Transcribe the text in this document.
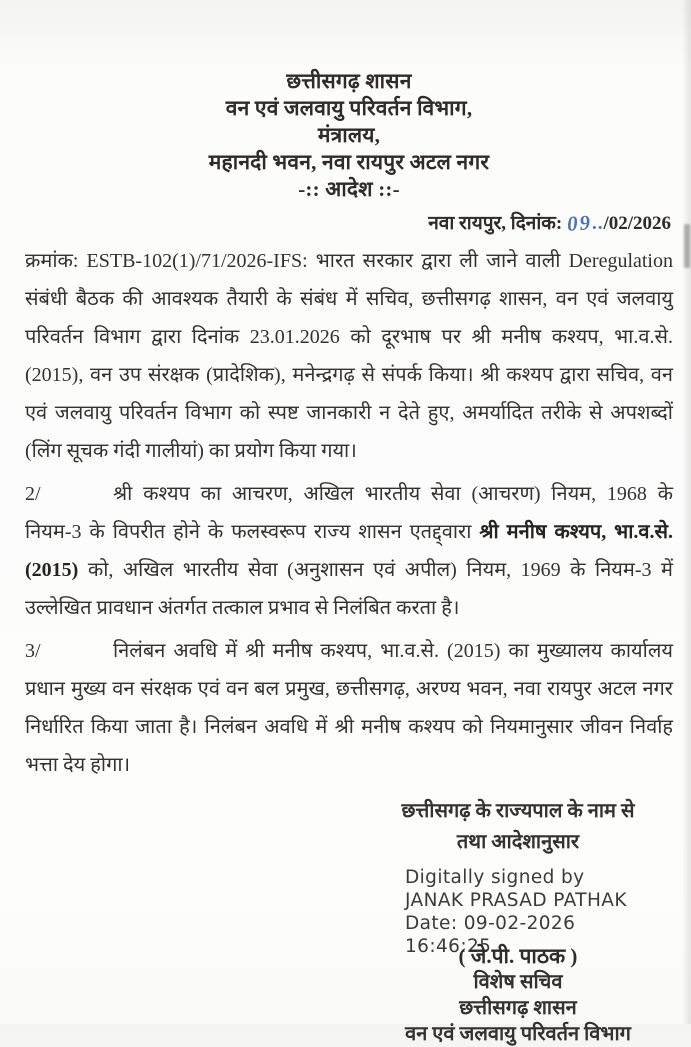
छत्तीसगढ़ शासन
वन एवं जलवायु परिवर्तन विभाग,
मंत्रालय,
महानदी भवन, नवा रायपुर अटल नगर
-:: आदेश ::-
नवा रायपुर, दिनांक: 09../02/2026

क्रमांक: ESTB-102(1)/71/2026-IFS: भारत सरकार द्वारा ली जाने वाली Deregulation संबंधी बैठक की आवश्यक तैयारी के संबंध में सचिव, छत्तीसगढ़ शासन, वन एवं जलवायु परिवर्तन विभाग द्वारा दिनांक 23.01.2026 को दूरभाष पर श्री मनीष कश्यप, भा.व.से. (2015), वन उप संरक्षक (प्रादेशिक), मनेन्द्रगढ़ से संपर्क किया। श्री कश्यप द्वारा सचिव, वन एवं जलवायु परिवर्तन विभाग को स्पष्ट जानकारी न देते हुए, अमर्यादित तरीके से अपशब्दों (लिंग सूचक गंदी गालीयां) का प्रयोग किया गया।

2/	श्री कश्यप का आचरण, अखिल भारतीय सेवा (आचरण) नियम, 1968 के नियम-3 के विपरीत होने के फलस्वरूप राज्य शासन एतद्द्वारा श्री मनीष कश्यप, भा.व.से. (2015) को, अखिल भारतीय सेवा (अनुशासन एवं अपील) नियम, 1969 के नियम-3 में उल्लेखित प्रावधान अंतर्गत तत्काल प्रभाव से निलंबित करता है।

3/	निलंबन अवधि में श्री मनीष कश्यप, भा.व.से. (2015) का मुख्यालय कार्यालय प्रधान मुख्य वन संरक्षक एवं वन बल प्रमुख, छत्तीसगढ़, अरण्य भवन, नवा रायपुर अटल नगर निर्धारित किया जाता है। निलंबन अवधि में श्री मनीष कश्यप को नियमानुसार जीवन निर्वाह भत्ता देय होगा।

छत्तीसगढ़ के राज्यपाल के नाम से
तथा आदेशानुसार
Digitally signed by
JANAK PRASAD PATHAK
Date: 09-02-2026
16:46:25
( जे.पी. पाठक )
विशेष सचिव
छत्तीसगढ़ शासन
वन एवं जलवायु परिवर्तन विभाग
